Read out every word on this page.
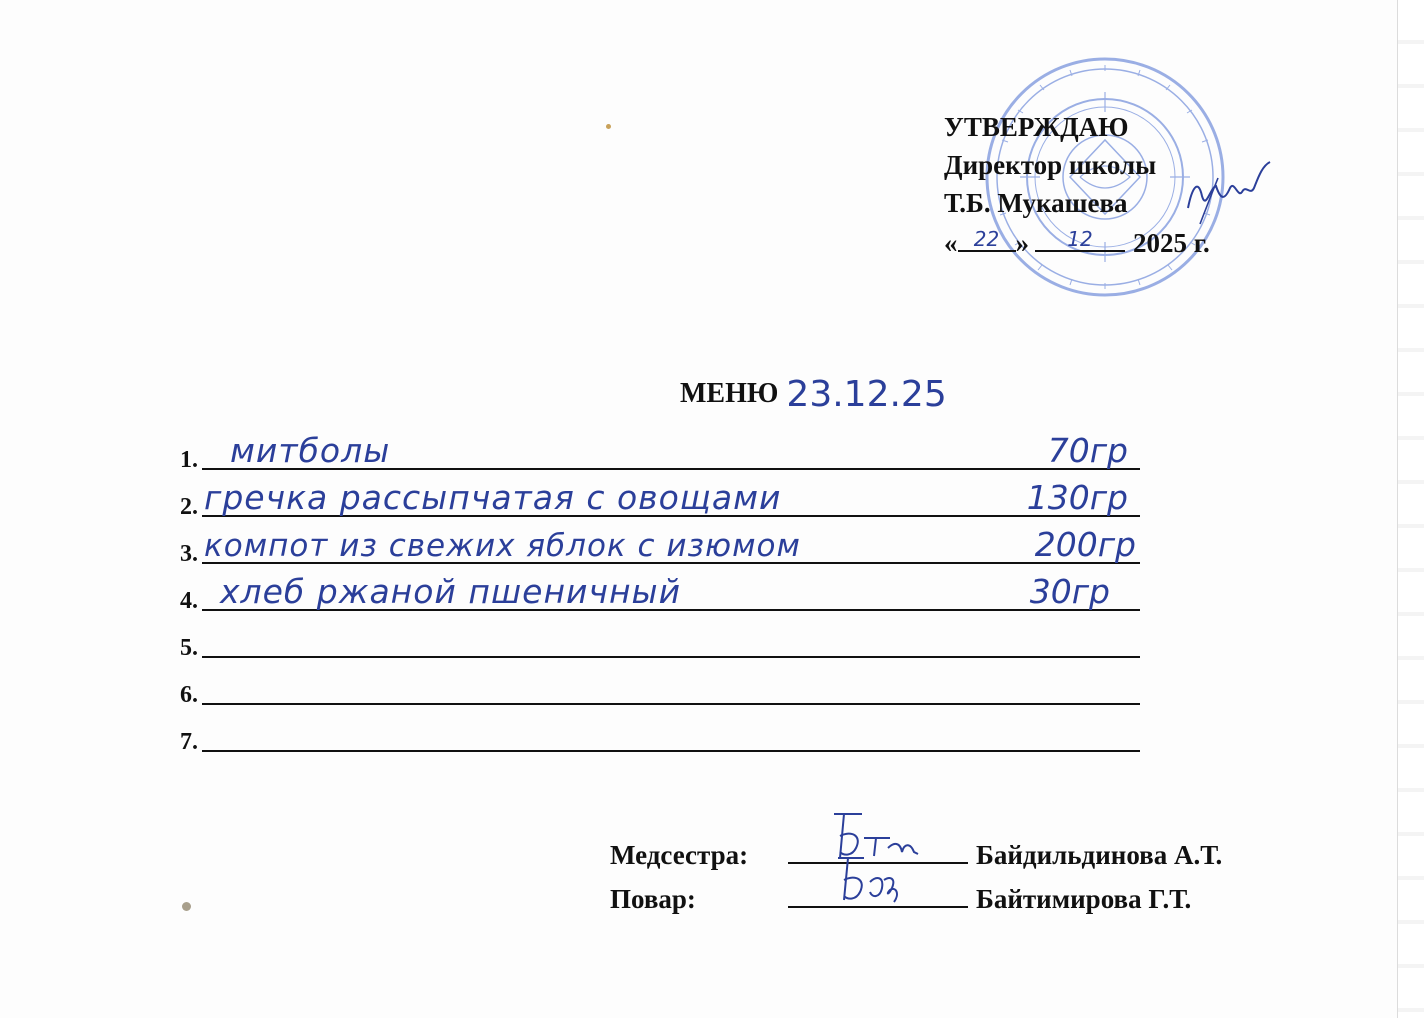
УТВЕРЖДАЮ
Директор школы
Т.Б. Мукашева
« 22 »	12	2025 г.
МЕНЮ 23.12.25
1. митболы	70гр
2. гречка рассыпчатая с овощами	130гр
3. компот из свежих яблок с изюмом	200гр
4. хлеб ржаной пшеничный	30гр
5.
6.
7.
Медсестра:	Байдильдинова А.Т.
Повар:	Байтимирова Г.Т.
